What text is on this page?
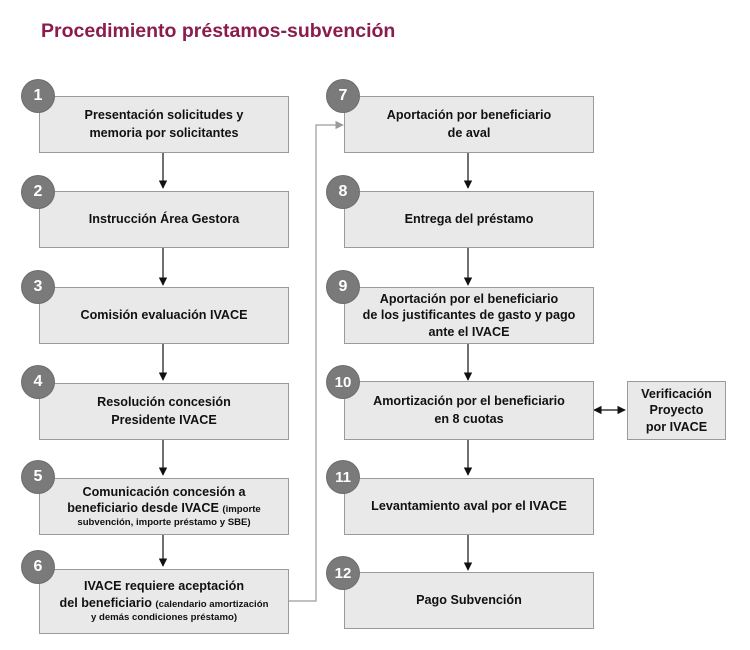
Procedimiento préstamos-subvención
Presentación solicitudes y
memoria por solicitantes
1
Instrucción Área Gestora
2
Comisión evaluación IVACE
3
Resolución concesión
Presidente IVACE
4
Comunicación concesión a
beneficiario desde IVACE (importe
subvención, importe préstamo y SBE)
5
IVACE requiere aceptación
del beneficiario (calendario amortización
y demás condiciones préstamo)
6
Aportación por beneficiario
de aval
7
Entrega del préstamo
8
Aportación por el beneficiario
de los justificantes de gasto y pago
ante el IVACE
9
Amortización por el beneficiario
en 8 cuotas
10
Verificación
Proyecto
por IVACE
Levantamiento aval por el IVACE
11
Pago Subvención
12
